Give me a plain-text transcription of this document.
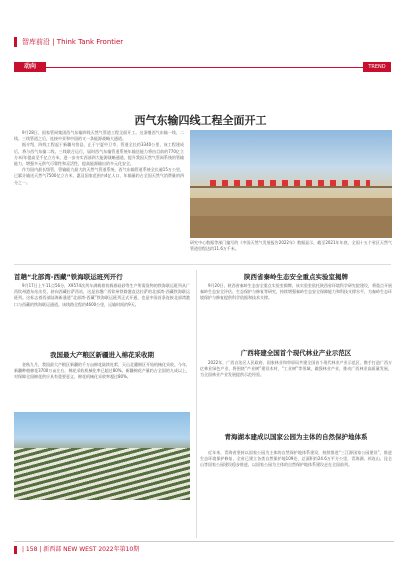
智库前沿 | Think Tank Frontier
动向	TREND
西气东输四线工程全面开工
9月28日，国家管网集团西气东输四线天然气管道工程全面开工。这条继西气东输一线、二线、三线管道之后，连接中亚和中国的又一条能源战略大通道。
据介绍，四线工程起于新疆乌恰县，止于宁夏中卫市，管道全长约3340公里，该工程建成后，将与西气东输二线、三线联合运行，届时西气东输管道系统年输送能力将由目前的770亿立方米/年提高至千亿立方米，进一步夯实西部四大能源战略通道，提升我国天然气管网系统的管输能力，增强多元供气可靠性和灵活性，提高能源输出的多元化安全。
作为国内最长级管，管输能力最大的天然气管道系统，西气东输管道系统全长逾15万公里，已累计输送天然气7500亿立方米，惠及国家范围内4亿人口，年输量约占全国天然气消费量的四分之一。
研究中心数据等部门编写的《中国天然气发展报告2022年》数据显示，截至2021年年底，全国十五个省区天然气管道里程达约11.6万千米。
首趟“北部湾-西藏”铁海联运班列开行
9月17日上午11点56分，X9574次列车满载着装载着硅砂等生产所需货物的铁海联运班列从广西钦州港东站出发，驶向西藏拉萨西站，这是首趟广西钦州铁路港直达拉萨的北部湾-西藏铁海联运班列。这标志着西部陆海新通道“北部湾-西藏”铁海联运班列正式开通，也是中国首条连接北部湾港口与西藏的铁海联运通道。该线路全程约4600公里，运输时间约9天。
我国最大产粮区新疆进入棉花采收期
金秋九月，我国最大产粮区新疆的千万亩棉花陆续吐絮，天山北麓棉区开始机械化采收。今年，新疆种植棉花3700万亩左右，棉花采收机械化率已超过80%。新疆棉花产量约占全国的九成以上，对保障全国棉花供应具有重要意义，棉花机械化采收率超过80%。
陕西省秦岭生态安全重点实验室揭牌
9月20日，陕西省秦岭生态安全重点实验室揭牌。该实验室依托陕西省环境科学研究院建设，将重点开展秦岭生态安全评估、生态保护与修复等研究，持续增强秦岭生态安全保障能力和科技支撑水平，为秦岭生态环境保护与修复提供科学依据和技术支撑。
广西将建全国首个现代林业产业示范区
2022年，广西自治区人民政府、国家林业和草原局共建全国首个现代林业产业示范区，携手打造广西万亿林业绿色产业，将围绕“产业树”建设木材、“工业树”等领域，做强林业产业，推动广西林业高质量发展，为全国林业产业发展提供示范经验。
青海湖本建成以国家公园为主体的自然保护地体系
近年来，青海省坚持以国家公园为主体的自然保护地体系建设，持续推进“三江源国家公园建设”，推进生态环境保护修复，全省已建立各类自然保护地109处，总面积约24.6万平方公里，青海湖、祁连山、昆仑山等国家公园建设稳步推进，以国家公园为主体的自然保护地体系建设走在全国前列。
| 158 | 新西部 NEW WEST 2022年第10期
